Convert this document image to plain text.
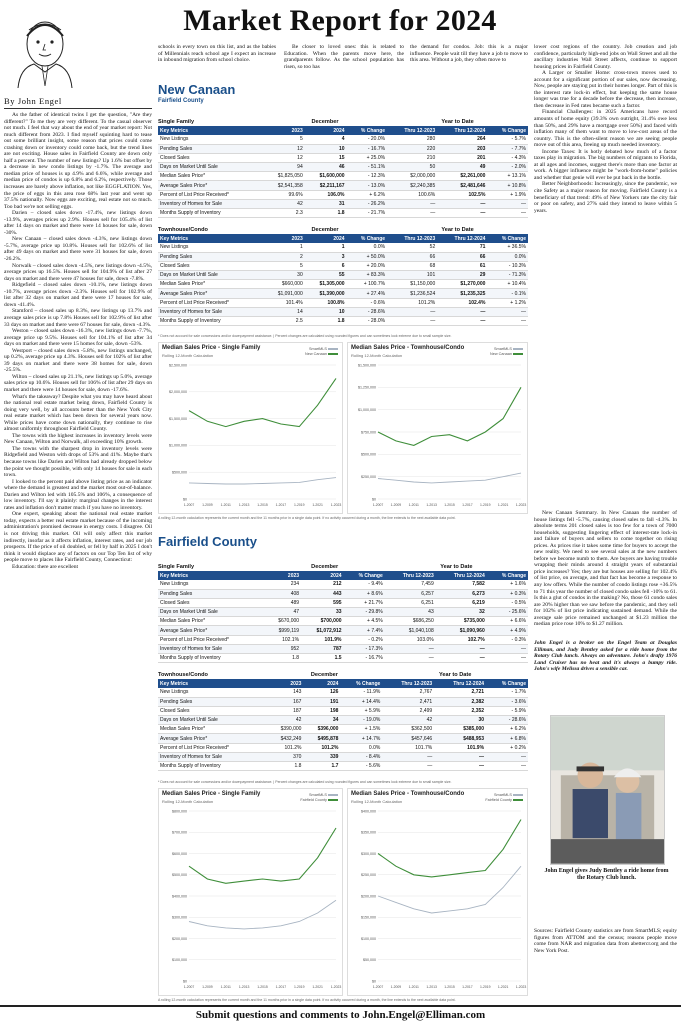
Market Report for 2024
By John Engel

As the father of identical twins I get the question, "Are they different?" To me they are very different. To the casual observer not much. I feel that way about the end of year market report: Not much different from 2023. I find myself squinting hard to tease out some brilliant insight, some reason that prices could come crashing down or inventory could come back, but the trend lines are not exciting. House sales in Fairfield County are down only half a percent. The number of new listings? Up 1.6% but offset by a decrease in new condo listings by -1.7%. The average and median price of houses is up 4.9% and 6.6%, while average and median price of condos is up 6.8% and 6.2%, respectively. Those increases are barely above inflation, not like EGGFLATION. Yes, the price of eggs in this area rose 68% last year and went up 37.5% nationally. Now eggs are exciting, real estate not so much. Too bad we're not selling eggs.

Darien – closed sales down -17.4%, new listings down -13.9%, averages prices up 2.9%. Houses sell for 105.4% of list after 14 days on market and there were 14 houses for sale, down -30%.

New Canaan – closed sales down -4.3%, new listings down -5.7%, average price up 10.8%. Houses sell for 102.6% of list after 49 days on market and there were 31 houses for sale, down -26.2%.

Norwalk – closed sales down -4.5%, new listings down -4.5%, average prices up 16.5%. Houses sell for 104.9% of list after 27 days on market and there were 47 houses for sale, down -7.8%.

Ridgefield – closed sales down -10.1%, new listings down -10.7%, average prices down -2.3%. Houses sell for 102.9% of list after 32 days on market and there were 17 houses for sale, down -41.4%.

Stamford – closed sales up 8.3%, new listings up 13.7% and average sales price is up 7.8% Houses sell for 102.9% of list after 33 days on market and there were 67 houses for sale, down -4.3%.

Weston – closed sales down -16.3%, new listings down -7.7%, average price up 9.5%. Houses sell for 104.1% of list after 34 days on market and there were 15 homes for sale, down -53%.

Westport – closed sales down -5.8%, new listings unchanged, up 0.2%, average price up 4.3%. Houses sell for 102% of list after 39 days on market and there were 38 homes for sale, down -25.5%.

Wilton – closed sales up 21.1%, new listings up 5.0%, average sales price up 10.6%. Houses sell for 106% of list after 29 days on market and there were 14 houses for sale, down -17.6%.

What's the takeaway? Despite what you may have heard about the national real estate market being down, Fairfield County is doing very well, by all accounts better than the New York City real estate market which has been down for several years now. While prices have come down nationally, they continue to rise almost uniformly throughout Fairfield County.

The towns with the highest increases in inventory levels were New Canaan, Wilton and Norwalk, all exceeding 10% growth.

The towns with the sharpest drop in inventory levels were Ridgefield and Weston with drops of 53% and 41%. Maybe that's because towns like Darien and Wilton had already dropped below the point we thought possible, with only 14 houses for sale in each town.

I looked to the percent paid above listing price as an indicator where the demand is greatest and the market most out-of-balance. Darien and Wilton led with 105.5% and 106%, a consequence of low inventory. I'll say it plainly: marginal changes in the interest rates and inflation don't matter much if you have no inventory.

One expert, speaking about the national real estate market today, expects a better real estate market because of the incoming administration's promised decrease in energy costs. I disagree. Oil is not driving this market. Oil will only affect this market indirectly, insofar as it affects inflation, interest rates, and our job prospects. If the price of oil doubled, or fell by half in 2025 I don't think it would displace any of factors on our Top Ten list of why people move to places like Fairfield County, Connecticut:

Education: there are excellent

schools in every town on this list, and as the babies of Millennials reach school age I expect an increase in inbound migration from school choice.
Be closer to loved ones: this is related to Education. When the parents move here, the grandparents follow. As the school population has risen, so too has
the demand for condos. Job: this is a major influence. People wait till they have a job to move to this area. Without a job, they often move to

lower cost regions of the country. Job creation and job confidence, particularly high-end jobs on Wall Street and all the ancillary industries Wall Street affects, continue to support housing prices in Fairfield County.

A Larger or Smaller Home: cross-town moves used to account for a significant portion of our sales, now decreasing. Now, people are staying put in their homes longer. Part of this is the interest rate lock-in effect, but keeping the same house longer was true for a decade before the decrease, then increase, then decrease in Fed rates became such a factor.

Financial Challenges: in 2025 Americans have record amounts of home equity (39.3% own outright, 31.4% owe less than 50%, and 29% have a mortgage over 50%) and faced with inflation many of them want to move to low-cost areas of the country. This is the often-silent reason we are seeing people move out of this area, freeing up much needed inventory.

Income Taxes: It is hotly debated how much of a factor taxes play in migration. The big numbers of migrants to Florida, at all ages and incomes, suggest there's more than one factor at work. A bigger influence might be "work-from-home" policies and whether that genie will ever be put back in the bottle.

Better Neighborhoods: Increasingly, since the pandemic, we cite Safety as a major reason for moving. Fairfield County is a beneficiary of that trend: 49% of New Yorkers rate the city fair or poor on safety, and 27% said they intend to leave within 5 years.

New Canaan Summary. In New Canaan the number of house listings fell -5.7%, causing closed sales to fall -4.3%. In absolute terms 201 closed sales is too few for a town of 7000 households, suggesting lingering effect of interest-rate lock-in and failure of buyers and sellers to come together on rising prices. As prices rise it takes some time for buyers to accept the new reality. We need to see several sales at the new numbers before we become numb to them. Are buyers are having trouble wrapping their minds around 4 straight years of substantial price increases? Yes; they are but houses are selling for 102.4% of list price, on average, and that fact has become a response to any low offers. While the number of condo listings rose +36.5% to 71 this year the number of closed condo sales fell -10% to 61. Is this a glut of condos in the making? No, those 61 condo sales are 20% higher than we saw before the pandemic, and they sell for 102% of list price indicating sustained demand. While the average sale price remained unchanged at $1.23 million the median price rose 10% to $1.27 million.

John Engel is a broker on the Engel Team at Douglas Elliman, and Judy Bentley asked for a ride home from the Rotary Club lunch. Always an adventure. John's drafty 1976 Land Cruiser has no heat and it's always a bumpy ride. John's wife Melissa drives a sensible car.
John Engel gives Judy Bentley a ride home from the Rotary Club lunch.
Sources: Fairfield County statistics are from SmartMLS; equity figures from ATTOM and the census; reasons people move come from NAR and migration data from abettercr.org and the New York Post.
New Canaan
Fairfield County
Single Family	December			Year to Date		
Key Metrics	2023	2024	% Change	Thru 12-2023	Thru 12-2024	% Change
New Listings	5	4	- 20.0%	280	264	- 5.7%
Pending Sales	12	10	- 16.7%	220	203	- 7.7%
Closed Sales	12	15	+ 25.0%	210	201	- 4.3%
Days on Market Until Sale	94	46	- 51.1%	50	49	- 2.0%
Median Sales Price*	$1,825,050	$1,600,000	- 12.3%	$2,000,000	$2,261,000	+ 13.1%
Average Sales Price*	$2,541,358	$2,211,167	- 13.0%	$2,240,385	$2,481,646	+ 10.8%
Percent of List Price Received*	99.6%	106.0%	+ 6.2%	100.6%	102.5%	+ 1.9%
Inventory of Homes for Sale	42	31	- 26.2%	—	—	—
Months Supply of Inventory	2.3	1.8	- 21.7%	—	—	—
Townhouse/Condo	December			Year to Date		
Key Metrics	2023	2024	% Change	Thru 12-2023	Thru 12-2024	% Change
New Listings	1	1	0.0%	52	71	+ 36.5%
Pending Sales	2	3	+ 50.0%	66	66	0.0%
Closed Sales	5	6	+ 20.0%	68	61	- 10.3%
Days on Market Until Sale	30	55	+ 83.3%	101	29	- 71.3%
Median Sales Price*	$660,000	$1,305,000	+ 100.7%	$1,150,000	$1,270,000	+ 10.4%
Average Sales Price*	$1,091,000	$1,390,000	+ 27.4%	$1,236,524	$1,235,325	- 0.1%
Percent of List Price Received*	101.4%	100.8%	- 0.6%	101.2%	102.4%	+ 1.2%
Inventory of Homes for Sale	14	10	- 28.6%	—	—	—
Months Supply of Inventory	2.5	1.8	- 28.0%	—	—	—
* Does not account for sale concessions and/or downpayment assistance. | Percent changes are calculated using rounded figures and can sometimes look extreme due to small sample size.
$2,500,000
$2,000,000
$1,500,000
$1,000,000
$500,000
$0
1-2007 1-2009 1-2011 1-2013 1-2015 1-2017 1-2019 1-2021 1-2023
Median Sales Price - Single Family
Rolling 12-Month Calculation
SmartMLS
New Canaan
$1,500,000
$1,250,000
$1,000,000
$750,000
$500,000
$250,000
$0
1-2007 1-2009 1-2011 1-2013 1-2015 1-2017 1-2019 1-2021 1-2023
Median Sales Price - Townhouse/Condo
Rolling 12-Month Calculation
SmartMLS
New Canaan
A rolling 12-month calculation represents the current month and the 11 months prior in a single data point. If no activity occurred during a month, the line extends to the next available data point.
Fairfield County
Single Family	December			Year to Date		
Key Metrics	2023	2024	% Change	Thru 12-2023	Thru 12-2024	% Change
New Listings	234	212	- 9.4%	7,459	7,582	+ 1.6%
Pending Sales	408	443	+ 8.6%	6,257	6,273	+ 0.3%
Closed Sales	489	595	+ 21.7%	6,251	6,219	- 0.5%
Days on Market Until Sale	47	33	- 29.8%	43	32	- 25.6%
Median Sales Price*	$670,000	$700,000	+ 4.5%	$686,250	$735,000	+ 6.6%
Average Sales Price*	$999,119	$1,072,912	+ 7.4%	$1,040,108	$1,090,960	+ 4.9%
Percent of List Price Received*	102.1%	101.9%	- 0.2%	103.0%	102.7%	- 0.3%
Inventory of Homes for Sale	952	787	- 17.3%	—	—	—
Months Supply of Inventory	1.8	1.5	- 16.7%	—	—	—
Townhouse/Condo	December			Year to Date		
Key Metrics	2023	2024	% Change	Thru 12-2023	Thru 12-2024	% Change
New Listings	143	126	- 11.9%	2,767	2,721	- 1.7%
Pending Sales	167	191	+ 14.4%	2,471	2,382	- 3.6%
Closed Sales	187	198	+ 5.9%	2,499	2,352	- 5.9%
Days on Market Until Sale	42	34	- 19.0%	42	30	- 28.6%
Median Sales Price*	$390,000	$396,000	+ 1.5%	$362,500	$385,000	+ 6.2%
Average Sales Price*	$432,249	$495,878	+ 14.7%	$457,646	$488,953	+ 6.8%
Percent of List Price Received*	101.2%	101.2%	0.0%	101.7%	101.9%	+ 0.2%
Inventory of Homes for Sale	370	339	- 8.4%	—	—	—
Months Supply of Inventory	1.8	1.7	- 5.6%	—	—	—
* Does not account for sale concessions and/or downpayment assistance. | Percent changes are calculated using rounded figures and can sometimes look extreme due to small sample size.
$800,000
$700,000
$600,000
$500,000
$400,000
$300,000
$200,000
$100,000
$0
1-2007 1-2009 1-2011 1-2013 1-2015 1-2017 1-2019 1-2021 1-2023
Median Sales Price - Single Family
Rolling 12-Month Calculation
SmartMLS
Fairfield County
$400,000
$350,000
$300,000
$250,000
$200,000
$150,000
$100,000
$50,000
$0
1-2007 1-2009 1-2011 1-2013 1-2015 1-2017 1-2019 1-2021 1-2023
Median Sales Price - Townhouse/Condo
Rolling 12-Month Calculation
SmartMLS
Fairfield County
A rolling 12-month calculation represents the current month and the 11 months prior in a single data point. If no activity occurred during a month, the line extends to the next available data point.
Submit questions and comments to John.Engel@Elliman.com
